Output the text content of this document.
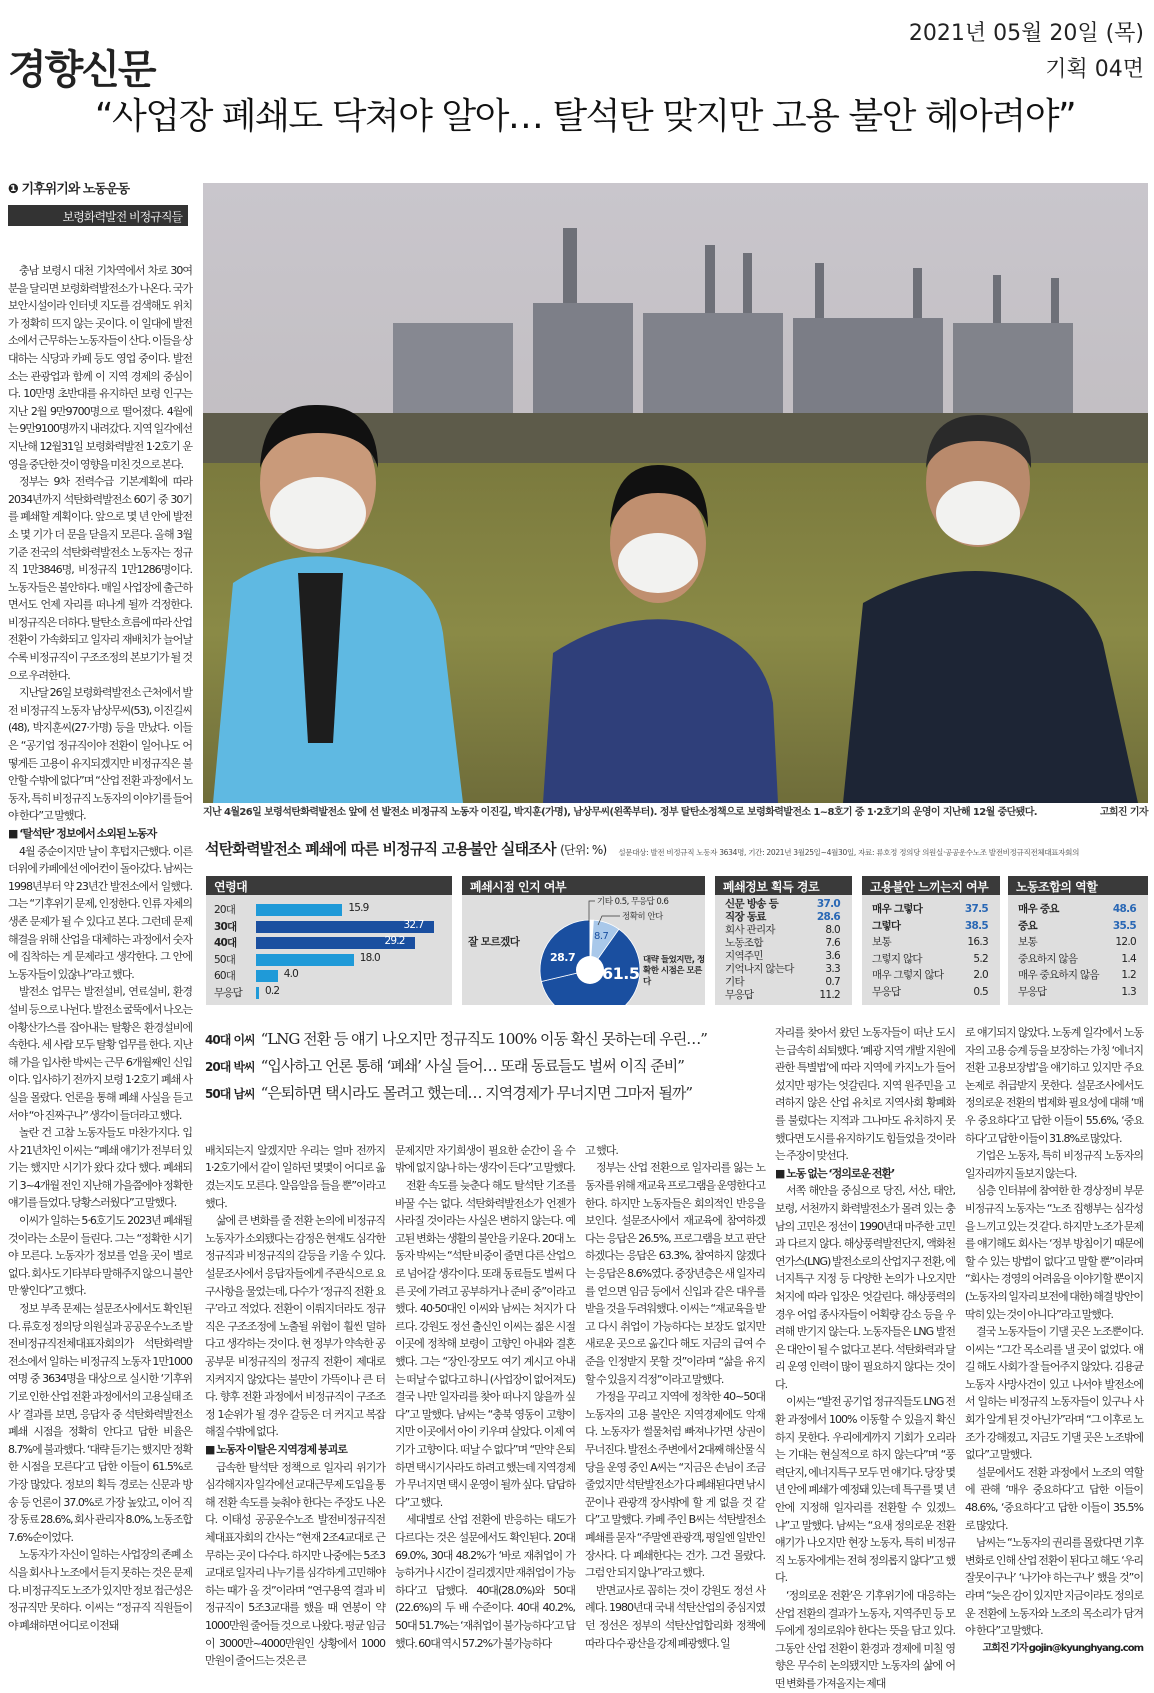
경향신문
2021년 05월 20일 (목)
기획 04면
“사업장 폐쇄도 닥쳐야 알아… 탈석탄 맞지만 고용 불안 헤아려야”
❶ 기후위기와 노동운동
보령화력발전 비정규직들
지난 4월26일 보령석탄화력발전소 앞에 선 발전소 비정규직 노동자 이진길, 박지훈(가명), 남상무씨(왼쪽부터). 정부 탈탄소정책으로 보령화력발전소 1~8호기 중 1·2호기의 운영이 지난해 12월 중단됐다.	고희진 기자
석탄화력발전소 폐쇄에 따른 비정규직 고용불안 실태조사 (단위: %) 설문대상: 발전 비정규직 노동자 3634명, 기간: 2021년 3월25일~4월30일, 자료: 류호정 정의당 의원실·공공운수노조 발전비정규직전체대표자회의
연령대
20대	15.9
30대	32.7
40대	29.2
50대	18.0
60대	4.0
무응답	0.2
폐쇄시점 인지 여부
61.5
28.7
8.7
잘 모르겠다
기타 0.5, 무응답 0.6
정확히 안다
대략 들었지만, 정확한 시점은 모른다
폐쇄정보 획득 경로
신문 방송 등	37.0
직장 동료	28.6
회사 관리자	8.0
노동조합	7.6
지역주민	3.6
기억나지 않는다	3.3
기타	0.7
무응답	11.2
고용불안 느끼는지 여부
매우 그렇다	37.5
그렇다	38.5
보통	16.3
그렇지 않다	5.2
매우 그렇지 않다	2.0
무응답	0.5
노동조합의 역할
매우 중요	48.6
중요	35.5
보통	12.0
중요하지 않음	1.4
매우 중요하지 않음 1.2
무응답	1.3

충남 보령시 대천 기차역에서 차로 30여분을 달리면 보령화력발전소가 나온다. 국가보안시설이라 인터넷 지도를 검색해도 위치가 정확히 뜨지 않는 곳이다. 이 일대에 발전소에서 근무하는 노동자들이 산다. 이들을 상대하는 식당과 카페 등도 영업 중이다. 발전소는 관광업과 함께 이 지역 경제의 중심이다. 10만명 초반대를 유지하던 보령 인구는 지난 2월 9만9700명으로 떨어졌다. 4월에는 9만9100명까지 내려갔다. 지역 일각에선 지난해 12월31일 보령화력발전 1·2호기 운영을 중단한 것이 영향을 미친 것으로 본다.

정부는 9차 전력수급 기본계획에 따라 2034년까지 석탄화력발전소 60기 중 30기를 폐쇄할 계획이다. 앞으로 몇 년 안에 발전소 몇 기가 더 문을 닫을지 모른다. 올해 3월 기준 전국의 석탄화력발전소 노동자는 정규직 1만3846명, 비정규직 1만1286명이다. 노동자들은 불안하다. 매일 사업장에 출근하면서도 언제 자리를 떠나게 될까 걱정한다. 비정규직은 더하다. 탈탄소 흐름에 따라 산업 전환이 가속화되고 일자리 재배치가 늘어날수록 비정규직이 구조조정의 본보기가 될 것으로 우려한다.

지난달 26일 보령화력발전소 근처에서 발전 비정규직 노동자 남상무씨(53), 이진길씨(48), 박지훈씨(27·가명) 등을 만났다. 이들은 “공기업 정규직이야 전환이 일어나도 어떻게든 고용이 유지되겠지만 비정규직은 불안할 수밖에 없다”며 “산업 전환 과정에서 노동자, 특히 비정규직 노동자의 이야기를 들어야 한다”고 말했다.

■ ‘탈석탄’ 정보에서 소외된 노동자

4월 중순이지만 날이 후텁지근했다. 이른 더위에 카페에선 에어컨이 돌아갔다. 남씨는 1998년부터 약 23년간 발전소에서 일했다. 그는 “기후위기 문제, 인정한다. 인류 자체의 생존 문제가 될 수 있다고 본다. 그런데 문제 해결을 위해 산업을 대체하는 과정에서 숫자에 집착하는 게 문제라고 생각한다. 그 안에 노동자들이 있잖나”라고 했다.

발전소 업무는 발전설비, 연료설비, 환경설비 등으로 나뉜다. 발전소 굴뚝에서 나오는 아황산가스를 잡아내는 탈황은 환경설비에 속한다. 세 사람 모두 탈황 업무를 한다. 지난해 가을 입사한 박씨는 근무 6개월째인 신입이다. 입사하기 전까지 보령 1·2호기 폐쇄 사실을 몰랐다. 언론을 통해 폐쇄 사실을 듣고서야 “아 진짜구나” 생각이 들더라고 했다.

놀란 건 고참 노동자들도 마찬가지다. 입사 21년차인 이씨는 “폐쇄 얘기가 전부터 있기는 했지만 시기가 왔다 갔다 했다. 폐쇄되기 3~4개월 전인 지난해 가을쯤에야 정확한 얘기를 들었다. 당황스러웠다”고 말했다.

이씨가 일하는 5·6호기도 2023년 폐쇄될 것이라는 소문이 들린다. 그는 “정확한 시기야 모른다. 노동자가 정보를 얻을 곳이 별로 없다. 회사도 기타부타 말해주지 않으니 불안만 쌓인다”고 했다.

정보 부족 문제는 설문조사에서도 확인된다. 류호정 정의당 의원실과 공공운수노조 발전비정규직전체대표자회의가 석탄화력발전소에서 일하는 비정규직 노동자 1만1000여명 중 3634명을 대상으로 실시한 ‘기후위기로 인한 산업 전환 과정에서의 고용실태 조사’ 결과를 보면, 응답자 중 석탄화력발전소 폐쇄 시점을 정확히 안다고 답한 비율은 8.7%에 불과했다. ‘대략 듣기는 했지만 정확한 시점을 모른다’고 답한 이들이 61.5%로 가장 많았다. 정보의 획득 경로는 신문과 방송 등 언론이 37.0%로 가장 높았고, 이어 직장 동료 28.6%, 회사 관리자 8.0%, 노동조합 7.6%순이었다.

노동자가 자신이 일하는 사업장의 존폐 소식을 회사나 노조에서 듣지 못하는 것은 문제다. 비정규직도 노조가 있지만 정보 접근성은 정규직만 못하다. 이씨는 “정규직 직원들이야 폐쇄하면 어디로 이전돼

40대 이씨 “LNG 전환 등 얘기 나오지만 정규직도 100% 이동 확신 못하는데 우린…”
20대 박씨 “입사하고 언론 통해 ‘폐쇄’ 사실 들어… 또래 동료들도 벌써 이직 준비”
50대 남씨 “은퇴하면 택시라도 몰려고 했는데… 지역경제가 무너지면 그마저 될까”

배치되는지 알겠지만 우리는 얼마 전까지 1·2호기에서 같이 일하던 몇몇이 어디로 옮겼는지도 모른다. 알음알음 들을 뿐”이라고 했다.

삶에 큰 변화를 줄 전환 논의에 비정규직 노동자가 소외됐다는 감정은 현재도 심각한 정규직과 비정규직의 갈등을 키울 수 있다. 설문조사에서 응답자들에게 주관식으로 요구사항을 물었는데, 다수가 ‘정규직 전환 요구’라고 적었다. 전환이 이뤄지더라도 정규직은 구조조정에 노출될 위험이 훨씬 덜하다고 생각하는 것이다. 현 정부가 약속한 공공부문 비정규직의 정규직 전환이 제대로 지켜지지 않았다는 불만이 가뜩이나 큰 터다. 향후 전환 과정에서 비정규직이 구조조정 1순위가 될 경우 갈등은 더 커지고 복잡해질 수밖에 없다.

■ 노동자 이탈은 지역경제 붕괴로

급속한 탈석탄 정책으로 일자리 위기가 심각해지자 일각에선 교대근무제 도입을 통해 전환 속도를 늦춰야 한다는 주장도 나온다. 이태성 공공운수노조 발전비정규직전체대표자회의 간사는 “현재 2조4교대로 근무하는 곳이 다수다. 하지만 나중에는 5조3교대로 일자리 나누기를 심각하게 고민해야 하는 때가 올 것”이라며 “연구용역 결과 비정규직이 5조3교대를 했을 때 연봉이 약 1000만원 줄어들 것으로 나왔다. 평균 임금이 3000만~4000만원인 상황에서 1000만원이 줄어드는 것은 큰

문제지만 자기희생이 필요한 순간이 올 수밖에 없지 않나 하는 생각이 든다”고 말했다.

전환 속도를 늦춘다 해도 탈석탄 기조를 바꿀 수는 없다. 석탄화력발전소가 언젠가 사라질 것이라는 사실은 변하지 않는다. 예고된 변화는 생활의 불안을 키운다. 20대 노동자 박씨는 “석탄 비중이 줄면 다른 산업으로 넘어갈 생각이다. 또래 동료들도 벌써 다른 곳에 가려고 공부하거나 준비 중”이라고 했다. 40·50대인 이씨와 남씨는 처지가 다르다. 강원도 정선 출신인 이씨는 젊은 시절 이곳에 정착해 보령이 고향인 아내와 결혼했다. 그는 “장인·장모도 여기 계시고 아내는 떠날 수 없다고 하니 (사업장이 없어져도) 결국 나만 일자리를 찾아 떠나지 않을까 싶다”고 말했다. 남씨는 “충북 영동이 고향이지만 이곳에서 아이 키우며 살았다. 이제 여기가 고향이다. 떠날 수 없다”며 “만약 은퇴하면 택시기사라도 하려고 했는데 지역경제가 무너지면 택시 운영이 될까 싶다. 답답하다”고 했다.

세대별로 산업 전환에 반응하는 태도가 다르다는 것은 설문에서도 확인된다. 20대 69.0%, 30대 48.2%가 ‘바로 재취업이 가능하거나 시간이 걸리겠지만 재취업이 가능하다’고 답했다. 40대(28.0%)와 50대(22.6%)의 두 배 수준이다. 40대 40.2%, 50대 51.7%는 ‘재취업이 불가능하다’고 답했다. 60대 역시 57.2%가 불가능하다

고 했다.

정부는 산업 전환으로 일자리를 잃는 노동자를 위해 재교육 프로그램을 운영한다고 한다. 하지만 노동자들은 회의적인 반응을 보인다. 설문조사에서 재교육에 참여하겠다는 응답은 26.5%, 프로그램을 보고 판단하겠다는 응답은 63.3%, 참여하지 않겠다는 응답은 8.6%였다. 중장년층은 새 일자리를 얻으면 임금 등에서 신입과 같은 대우를 받을 것을 두려워했다. 이씨는 “재교육을 받고 다시 취업이 가능하다는 보장도 없지만 새로운 곳으로 옮긴다 해도 지금의 급여 수준을 인정받지 못할 것”이라며 “삶을 유지할 수 있을지 걱정”이라고 말했다.

가정을 꾸리고 지역에 정착한 40~50대 노동자의 고용 불안은 지역경제에도 악재다. 노동자가 썰물처럼 빠져나가면 상권이 무너진다. 발전소 주변에서 2대째 해산물 식당을 운영 중인 A씨는 “지금은 손님이 조금 줄었지만 석탄발전소가 다 폐쇄된다면 낚시꾼이나 관광객 장사밖에 할 게 없을 것 같다”고 말했다. 카페 주인 B씨는 석탄발전소 폐쇄를 묻자 “주말엔 관광객, 평일엔 일반인 장사다. 다 폐쇄한다는 건가. 그건 몰랐다. 그럼 안 되지 않나”라고 했다.

반면교사로 꼽히는 것이 강원도 정선 사례다. 1980년대 국내 석탄산업의 중심지였던 정선은 정부의 석탄산업합리화 정책에 따라 다수 광산을 강제 폐광했다. 일

자리를 찾아서 왔던 노동자들이 떠난 도시는 급속히 쇠퇴했다. ‘폐광 지역 개발 지원에 관한 특별법’에 따라 지역에 카지노가 들어섰지만 평가는 엇갈린다. 지역 원주민을 고려하지 않은 산업 유치로 지역사회 황폐화를 불렀다는 지적과 그나마도 유치하지 못했다면 도시를 유지하기도 힘들었을 것이라는 주장이 맞선다.

■ 노동 없는 ‘정의로운 전환’

서쪽 해안을 중심으로 당진, 서산, 태안, 보령, 서천까지 화력발전소가 몰려 있는 충남의 고민은 정선이 1990년대 마주한 고민과 다르지 않다. 해상풍력발전단지, 액화천연가스(LNG) 발전소로의 산업지구 전환, 에너지특구 지정 등 다양한 논의가 나오지만 처지에 따라 입장은 엇갈린다. 해상풍력의 경우 어업 종사자들이 어획량 감소 등을 우려해 반기지 않는다. 노동자들은 LNG 발전은 대안이 될 수 없다고 본다. 석탄화력과 달리 운영 인력이 많이 필요하지 않다는 것이다.

이씨는 “발전 공기업 정규직들도 LNG 전환 과정에서 100% 이동할 수 있을지 확신하지 못한다. 우리에게까지 기회가 오리라는 기대는 현실적으로 하지 않는다”며 “풍력단지, 에너지특구 모두 먼 얘기다. 당장 몇 년 안에 폐쇄가 예정돼 있는데 특구를 몇 년 안에 지정해 일자리를 전환할 수 있겠느냐”고 말했다. 남씨는 “요새 정의로운 전환 얘기가 나오지만 현장 노동자, 특히 비정규직 노동자에게는 전혀 정의롭지 않다”고 했다.

‘정의로운 전환’은 기후위기에 대응하는 산업 전환의 결과가 노동자, 지역주민 등 모두에게 정의로워야 한다는 뜻을 담고 있다. 그동안 산업 전환이 환경과 경제에 미칠 영향은 무수히 논의됐지만 노동자의 삶에 어떤 변화를 가져올지는 제대

로 얘기되지 않았다. 노동계 일각에서 노동자의 고용 승계 등을 보장하는 가칭 ‘에너지 전환 고용보장법’을 얘기하고 있지만 주요 논제로 취급받지 못한다. 설문조사에서도 정의로운 전환의 법제화 필요성에 대해 ‘매우 중요하다’고 답한 이들이 55.6%, ‘중요하다’고 답한 이들이 31.8%로 많았다.

기업은 노동자, 특히 비정규직 노동자의 일자리까지 돌보지 않는다.

심층 인터뷰에 참여한 한 경상정비 부문 비정규직 노동자는 “노조 집행부는 심각성을 느끼고 있는 것 같다. 하지만 노조가 문제를 얘기해도 회사는 ‘정부 방침이기 때문에 할 수 있는 방법이 없다’고 말할 뿐”이라며 “회사는 경영의 어려움을 이야기할 뿐이지 (노동자의 일자리 보전에 대한) 해결 방안이 딱히 있는 것이 아니다”라고 말했다.

결국 노동자들이 기댈 곳은 노조뿐이다. 이씨는 “그간 목소리를 낼 곳이 없었다. 얘길 해도 사회가 잘 들어주지 않았다. 김용균 노동자 사망사건이 있고 나서야 발전소에서 일하는 비정규직 노동자들이 있구나 사회가 알게 된 것 아닌가”라며 “그 이후로 노조가 강해졌고, 지금도 기댈 곳은 노조밖에 없다”고 말했다.

설문에서도 전환 과정에서 노조의 역할에 관해 ‘매우 중요하다’고 답한 이들이 48.6%, ‘중요하다’고 답한 이들이 35.5%로 많았다.

남씨는 “노동자의 권리를 몰랐다면 기후변화로 인해 산업 전환이 된다고 해도 ‘우리 잘못이구나’ ‘나가야 하는구나’ 했을 것”이라며 “늦은 감이 있지만 지금이라도 정의로운 전환에 노동자와 노조의 목소리가 담겨야 한다”고 말했다.

고희진 기자 gojin@kyunghyang.com
